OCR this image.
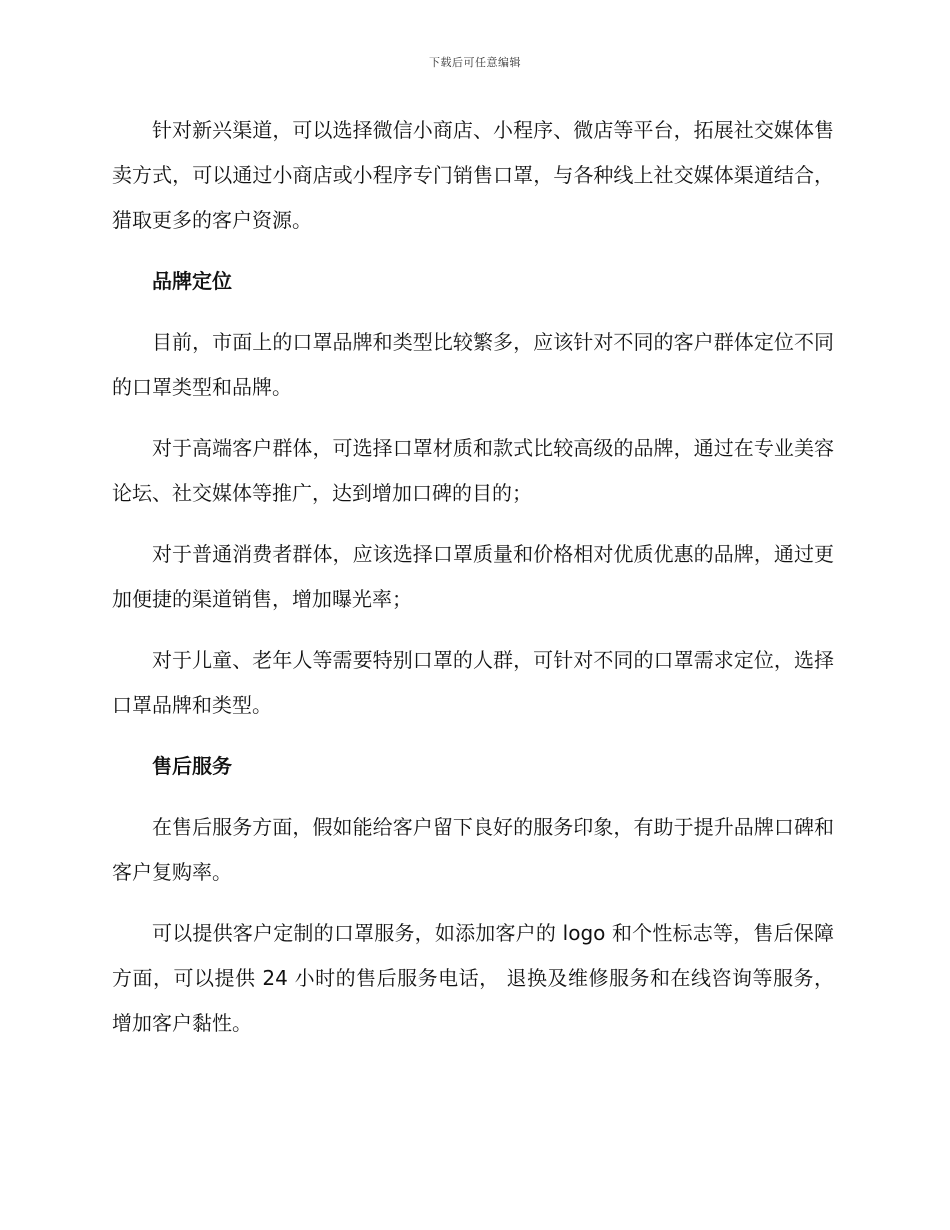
下载后可任意编辑

针对新兴渠道，可以选择微信小商店、小程序、微店等平台，拓展社交媒体售卖方式，可以通过小商店或小程序专门销售口罩，与各种线上社交媒体渠道结合，猎取更多的客户资源。

品牌定位

目前，市面上的口罩品牌和类型比较繁多，应该针对不同的客户群体定位不同的口罩类型和品牌。

对于高端客户群体，可选择口罩材质和款式比较高级的品牌，通过在专业美容论坛、社交媒体等推广，达到增加口碑的目的；

对于普通消费者群体，应该选择口罩质量和价格相对优质优惠的品牌，通过更加便捷的渠道销售，增加曝光率；

对于儿童、老年人等需要特别口罩的人群，可针对不同的口罩需求定位，选择口罩品牌和类型。

售后服务

在售后服务方面，假如能给客户留下良好的服务印象，有助于提升品牌口碑和客户复购率。

可以提供客户定制的口罩服务，如添加客户的 logo 和个性标志等，售后保障方面，可以提供 24 小时的售后服务电话， 退换及维修服务和在线咨询等服务，增加客户黏性。
